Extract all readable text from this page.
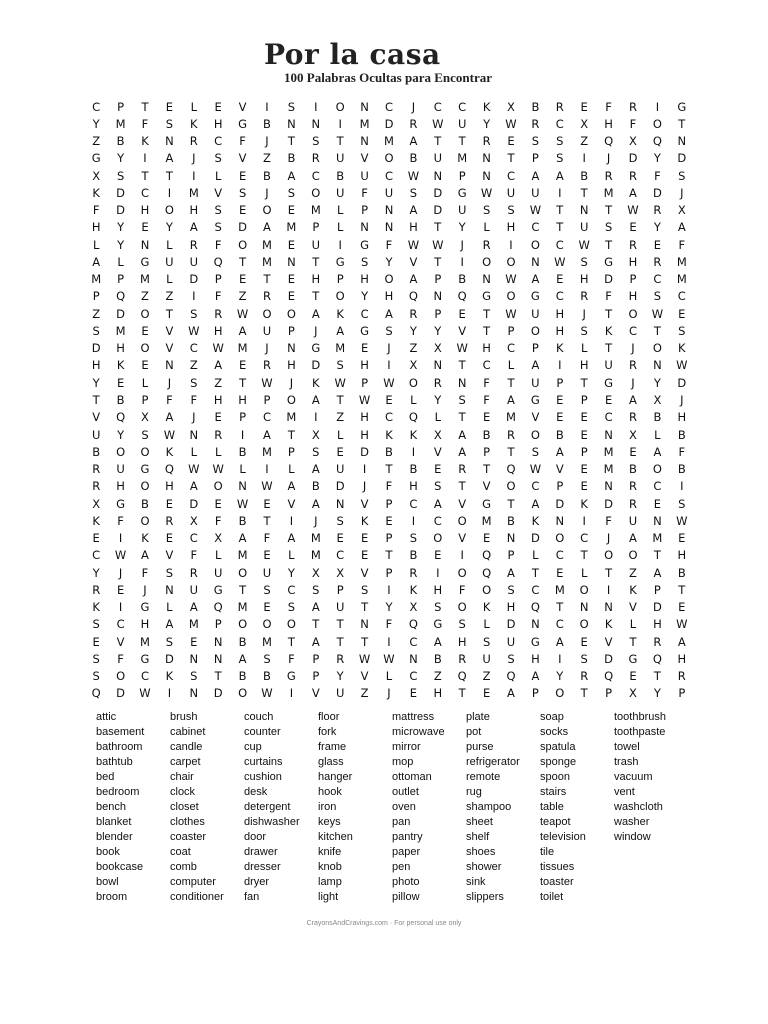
Por la casa
100 Palabras Ocultas para Encontrar
C	P	T	E	L	E	V	I	S	I	O	N	C	J	C	C	K	X	B	R	E	F	R	I	G
Y	M	F	S	K	H	G	B	N	N	I	M	D	R	W	U	Y	W	R	C	X	H	F	O	T
Z	B	K	N	R	C	F	J	T	S	T	N	M	A	T	T	R	E	S	S	Z	Q	X	Q	N
G	Y	I	A	J	S	V	Z	B	R	U	V	O	B	U	M	N	T	P	S	I	J	D	Y	D
X	S	T	T	I	L	E	B	A	C	B	U	C	W	N	P	N	C	A	A	B	R	R	F	S
K	D	C	I	M	V	S	J	S	O	U	F	U	S	D	G	W	U	U	I	T	M	A	D	J
F	D	H	O	H	S	E	O	E	M	L	P	N	A	D	U	S	S	W	T	N	T	W	R	X
H	Y	E	Y	A	S	D	A	M	P	L	N	N	H	T	Y	L	H	C	T	U	S	E	Y	A
L	Y	N	L	R	F	O	M	E	U	I	G	F	W	W	J	R	I	O	C	W	T	R	E	F
A	L	G	U	U	Q	T	M	N	T	G	S	Y	V	T	I	O	O	N	W	S	G	H	R	M
M	P	M	L	D	P	E	T	E	H	P	H	O	A	P	B	N	W	A	E	H	D	P	C	M
P	Q	Z	Z	I	F	Z	R	E	T	O	Y	H	Q	N	Q	G	O	G	C	R	F	H	S	C
Z	D	O	T	S	R	W	O	O	A	K	C	A	R	P	E	T	W	U	H	J	T	O	W	E
S	M	E	V	W	H	A	U	P	J	A	G	S	Y	Y	V	T	P	O	H	S	K	C	T	S
D	H	O	V	C	W	M	J	N	G	M	E	J	Z	X	W	H	C	P	K	L	T	J	O	K
H	K	E	N	Z	A	E	R	H	D	S	H	I	X	N	T	C	L	A	I	H	U	R	N	W
Y	E	L	J	S	Z	T	W	J	K	W	P	W	O	R	N	F	T	U	P	T	G	J	Y	D
T	B	P	F	F	H	H	P	O	A	T	W	E	L	Y	S	F	A	G	E	P	E	A	X	J
V	Q	X	A	J	E	P	C	M	I	Z	H	C	Q	L	T	E	M	V	E	E	C	R	B	H
U	Y	S	W	N	R	I	A	T	X	L	H	K	K	X	A	B	R	O	B	E	N	X	L	B
B	O	O	K	L	L	B	M	P	S	E	D	B	I	V	A	P	T	S	A	P	M	E	A	F
R	U	G	Q	W	W	L	I	L	A	U	I	T	B	E	R	T	Q	W	V	E	M	B	O	B
R	H	O	H	A	O	N	W	A	B	D	J	F	H	S	T	V	O	C	P	E	N	R	C	I
X	G	B	E	D	E	W	E	V	A	N	V	P	C	A	V	G	T	A	D	K	D	R	E	S
K	F	O	R	X	F	B	T	I	J	S	K	E	I	C	O	M	B	K	N	I	F	U	N	W
E	I	K	E	C	X	A	F	A	M	E	E	P	S	O	V	E	N	D	O	C	J	A	M	E
C	W	A	V	F	L	M	E	L	M	C	E	T	B	E	I	Q	P	L	C	T	O	O	T	H
Y	J	F	S	R	U	O	U	Y	X	X	V	P	R	I	O	Q	A	T	E	L	T	Z	A	B
R	E	J	N	U	G	T	S	C	S	P	S	I	K	H	F	O	S	C	M	O	I	K	P	T
K	I	G	L	A	Q	M	E	S	A	U	T	Y	X	S	O	K	H	Q	T	N	N	V	D	E
S	C	H	A	M	P	O	O	O	T	T	N	F	Q	G	S	L	D	N	C	O	K	L	H	W
E	V	M	S	E	N	B	M	T	A	T	T	I	C	A	H	S	U	G	A	E	V	T	R	A
S	F	G	D	N	N	A	S	F	P	R	W	W	N	B	R	U	S	H	I	S	D	G	Q	H
S	O	C	K	S	T	B	B	G	P	Y	V	L	C	Z	Q	Z	Q	A	Y	R	Q	E	T	R
Q	D	W	I	N	D	O	W	I	V	U	Z	J	E	H	T	E	A	P	O	T	P	X	Y	P
attic
basement
bathroom
bathtub
bed
bedroom
bench
blanket
blender
book
bookcase
bowl
broom
brush
cabinet
candle
carpet
chair
clock
closet
clothes
coaster
coat
comb
computer
conditioner
couch
counter
cup
curtains
cushion
desk
detergent
dishwasher
door
drawer
dresser
dryer
fan
floor
fork
frame
glass
hanger
hook
iron
keys
kitchen
knife
knob
lamp
light
mattress
microwave
mirror
mop
ottoman
outlet
oven
pan
pantry
paper
pen
photo
pillow
plate
pot
purse
refrigerator
remote
rug
shampoo
sheet
shelf
shoes
shower
sink
slippers
soap
socks
spatula
sponge
spoon
stairs
table
teapot
television
tile
tissues
toaster
toilet
toothbrush
toothpaste
towel
trash
vacuum
vent
washcloth
washer
window
CrayonsAndCravings.com · For personal use only
